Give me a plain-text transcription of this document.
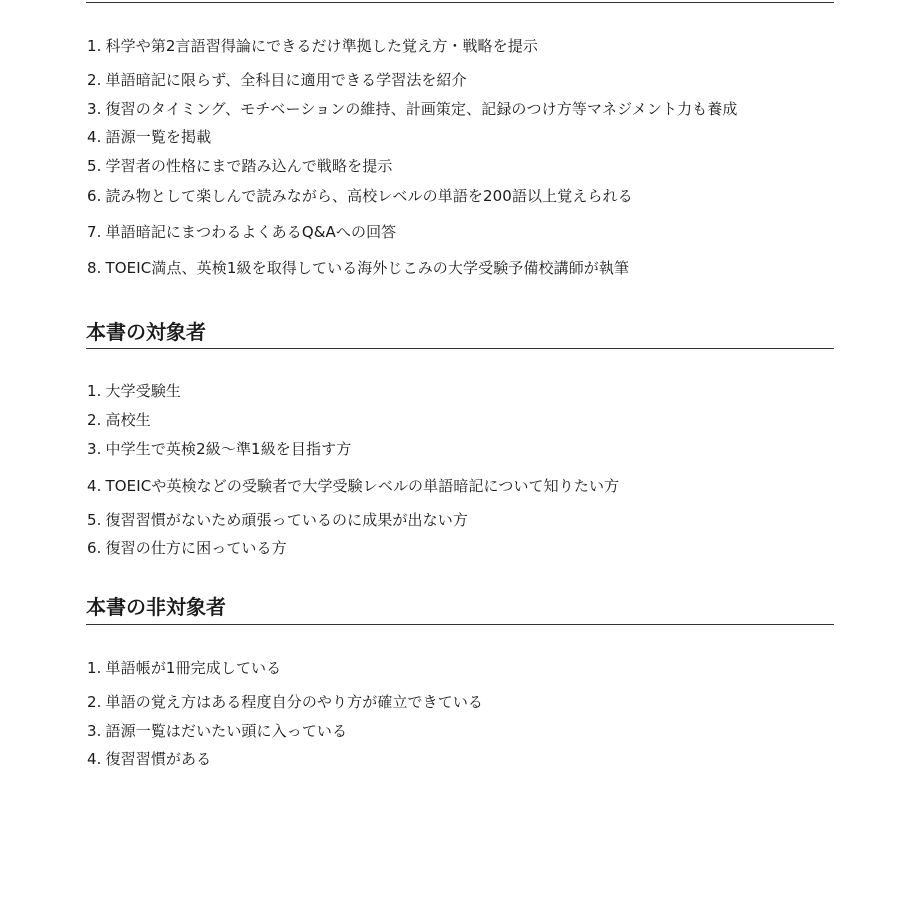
1. 科学や第2言語習得論にできるだけ準拠した覚え方・戦略を提示
2. 単語暗記に限らず、全科目に適用できる学習法を紹介
3. 復習のタイミング、モチベーションの維持、計画策定、記録のつけ方等マネジメント力も養成
4. 語源一覧を掲載
5. 学習者の性格にまで踏み込んで戦略を提示
6. 読み物として楽しんで読みながら、高校レベルの単語を200語以上覚えられる
7. 単語暗記にまつわるよくあるQ&Aへの回答
8. TOEIC満点、英検1級を取得している海外じこみの大学受験予備校講師が執筆
本書の対象者
1. 大学受験生
2. 高校生
3. 中学生で英検2級〜準1級を目指す方
4. TOEICや英検などの受験者で大学受験レベルの単語暗記について知りたい方
5. 復習習慣がないため頑張っているのに成果が出ない方
6. 復習の仕方に困っている方
本書の非対象者
1. 単語帳が1冊完成している
2. 単語の覚え方はある程度自分のやり方が確立できている
3. 語源一覧はだいたい頭に入っている
4. 復習習慣がある
